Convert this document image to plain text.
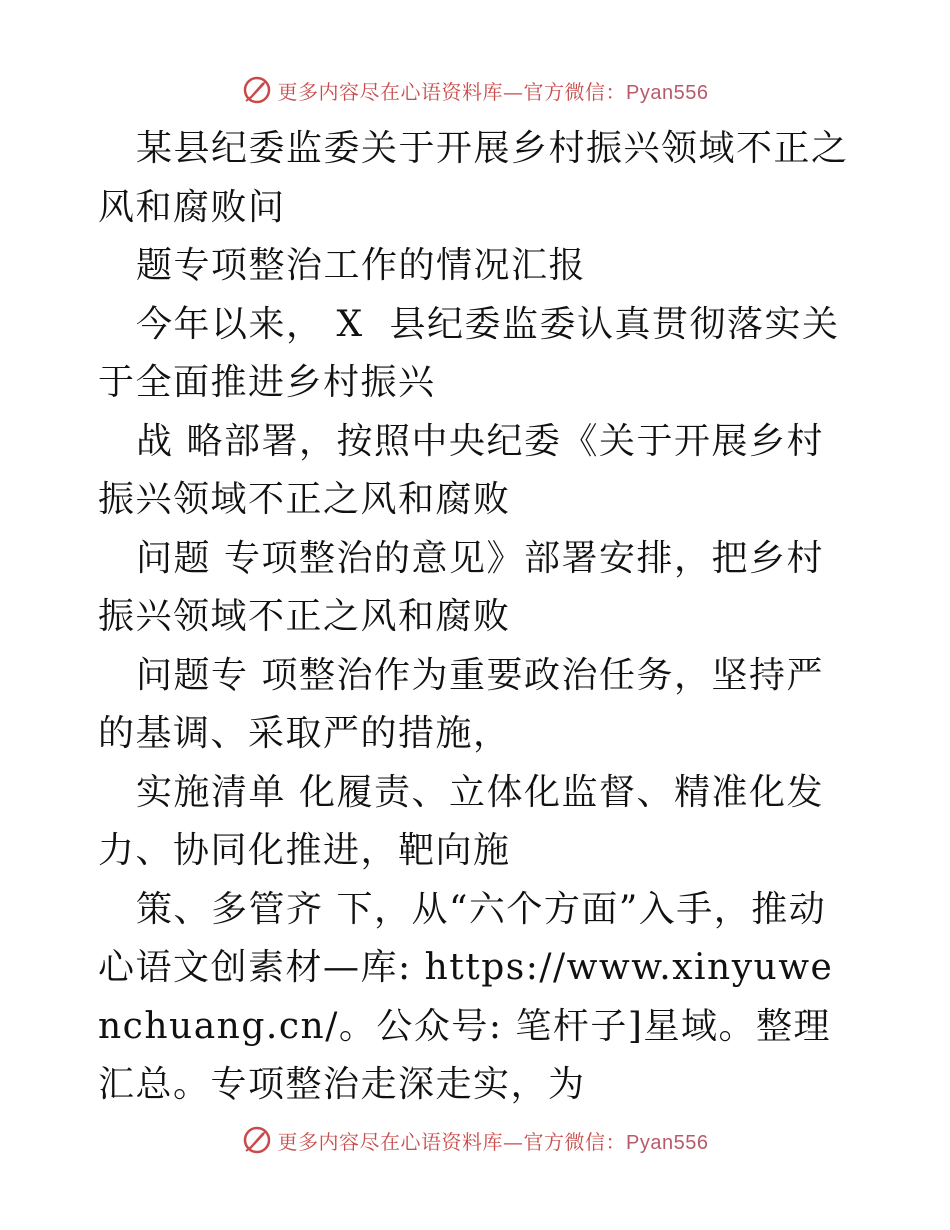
更多内容尽在心语资料库—官方微信：Pyan556

某县纪委监委关于开展乡村振兴领域不正之风和腐败问

题专项整治工作的情况汇报

今年以来， X  县纪委监委认真贯彻落实关于全面推进乡村振兴

战 略部署，按照中央纪委《关于开展乡村振兴领域不正之风和腐败

问题 专项整治的意见》部署安排，把乡村振兴领域不正之风和腐败

问题专 项整治作为重要政治任务，坚持严的基调、采取严的措施，

实施清单 化履责、立体化监督、精准化发力、协同化推进，靶向施

策、多管齐 下，从“六个方面”入手，推动心语文创素材—库: https://www.xinyuwenchuang.cn/。公众号: 笔杆子]星域。整理汇总。专项整治走深走实，为

更多内容尽在心语资料库—官方微信：Pyan556
